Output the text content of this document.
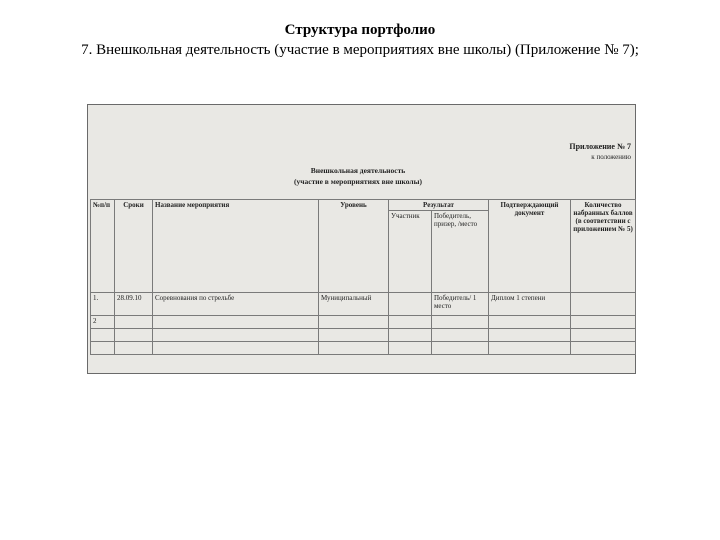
Структура портфолио
7. Внешкольная деятельность (участие в мероприятиях вне школы) (Приложение № 7);
Приложение № 7
к положению
Внешкольная деятельность
(участие в мероприятиях вне школы)
№п/п	Сроки	Название мероприятия	Уровень	Результат		Подтверждающий документ	Количество набранных баллов (в соответствии с приложением № 5)
				Участник	Победитель, призер, /место		
1.	28.09.10	Соревнования по стрельбе	Муниципальный		Победитель/ 1 место	Диплом 1 степени	
2							
